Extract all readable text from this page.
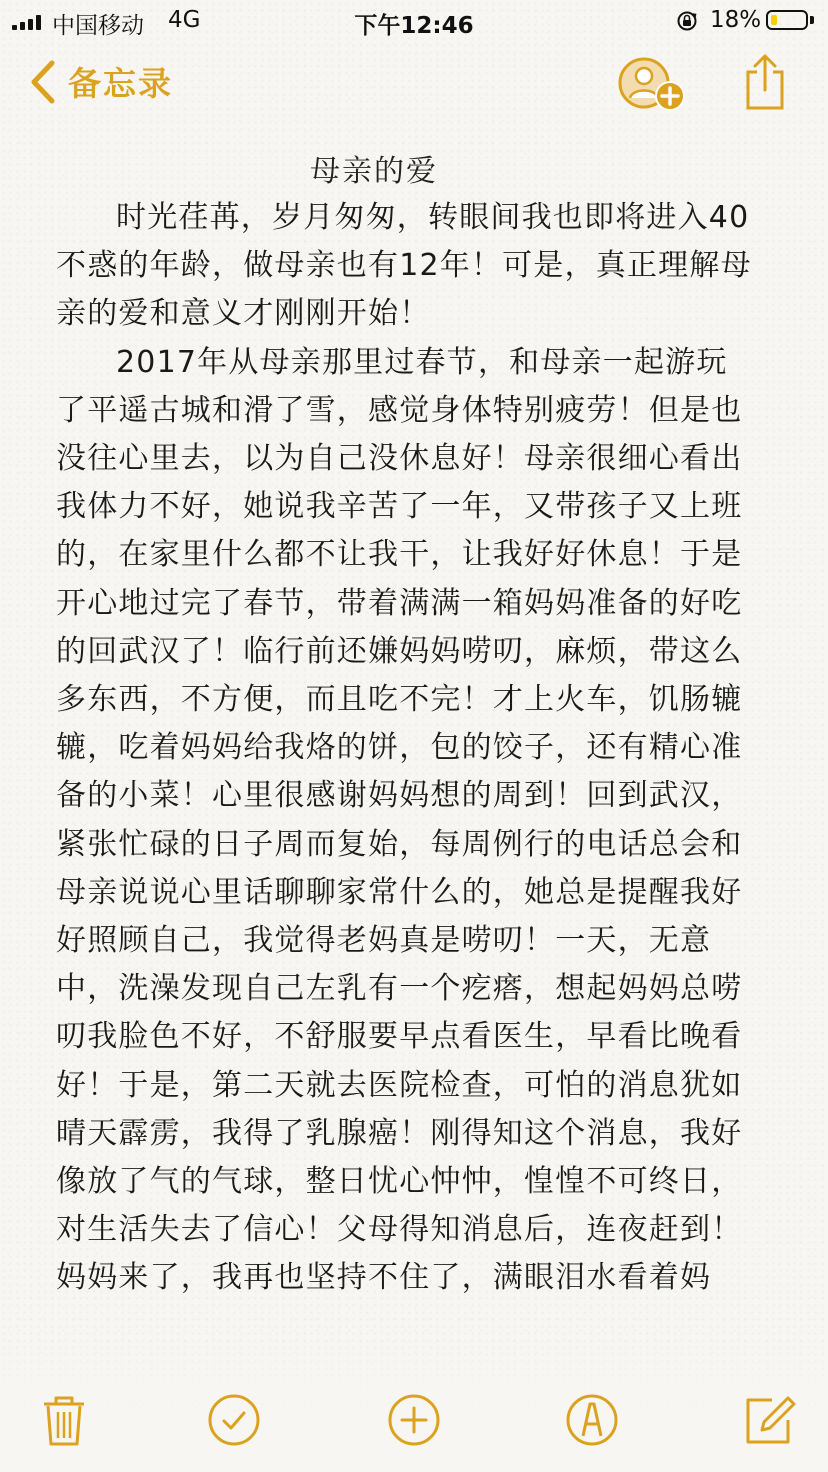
中国移动 4G	下午12:46	18%
备忘录
母亲的爱

时光荏苒，岁月匆匆，转眼间我也即将进入40不惑的年龄，做母亲也有12年！可是，真正理解母亲的爱和意义才刚刚开始！

2017年从母亲那里过春节，和母亲一起游玩了平遥古城和滑了雪，感觉身体特别疲劳！但是也没往心里去，以为自己没休息好！母亲很细心看出我体力不好，她说我辛苦了一年，又带孩子又上班的，在家里什么都不让我干，让我好好休息！于是开心地过完了春节，带着满满一箱妈妈准备的好吃的回武汉了！临行前还嫌妈妈唠叨，麻烦，带这么多东西，不方便，而且吃不完！才上火车，饥肠辘辘，吃着妈妈给我烙的饼，包的饺子，还有精心准备的小菜！心里很感谢妈妈想的周到！回到武汉，紧张忙碌的日子周而复始，每周例行的电话总会和母亲说说心里话聊聊家常什么的，她总是提醒我好好照顾自己，我觉得老妈真是唠叨！一天，无意中，洗澡发现自己左乳有一个疙瘩，想起妈妈总唠叨我脸色不好，不舒服要早点看医生，早看比晚看好！于是，第二天就去医院检查，可怕的消息犹如晴天霹雳，我得了乳腺癌！刚得知这个消息，我好像放了气的气球，整日忧心忡忡，惶惶不可终日，对生活失去了信心！父母得知消息后，连夜赶到！妈妈来了，我再也坚持不住了，满眼泪水看着妈
